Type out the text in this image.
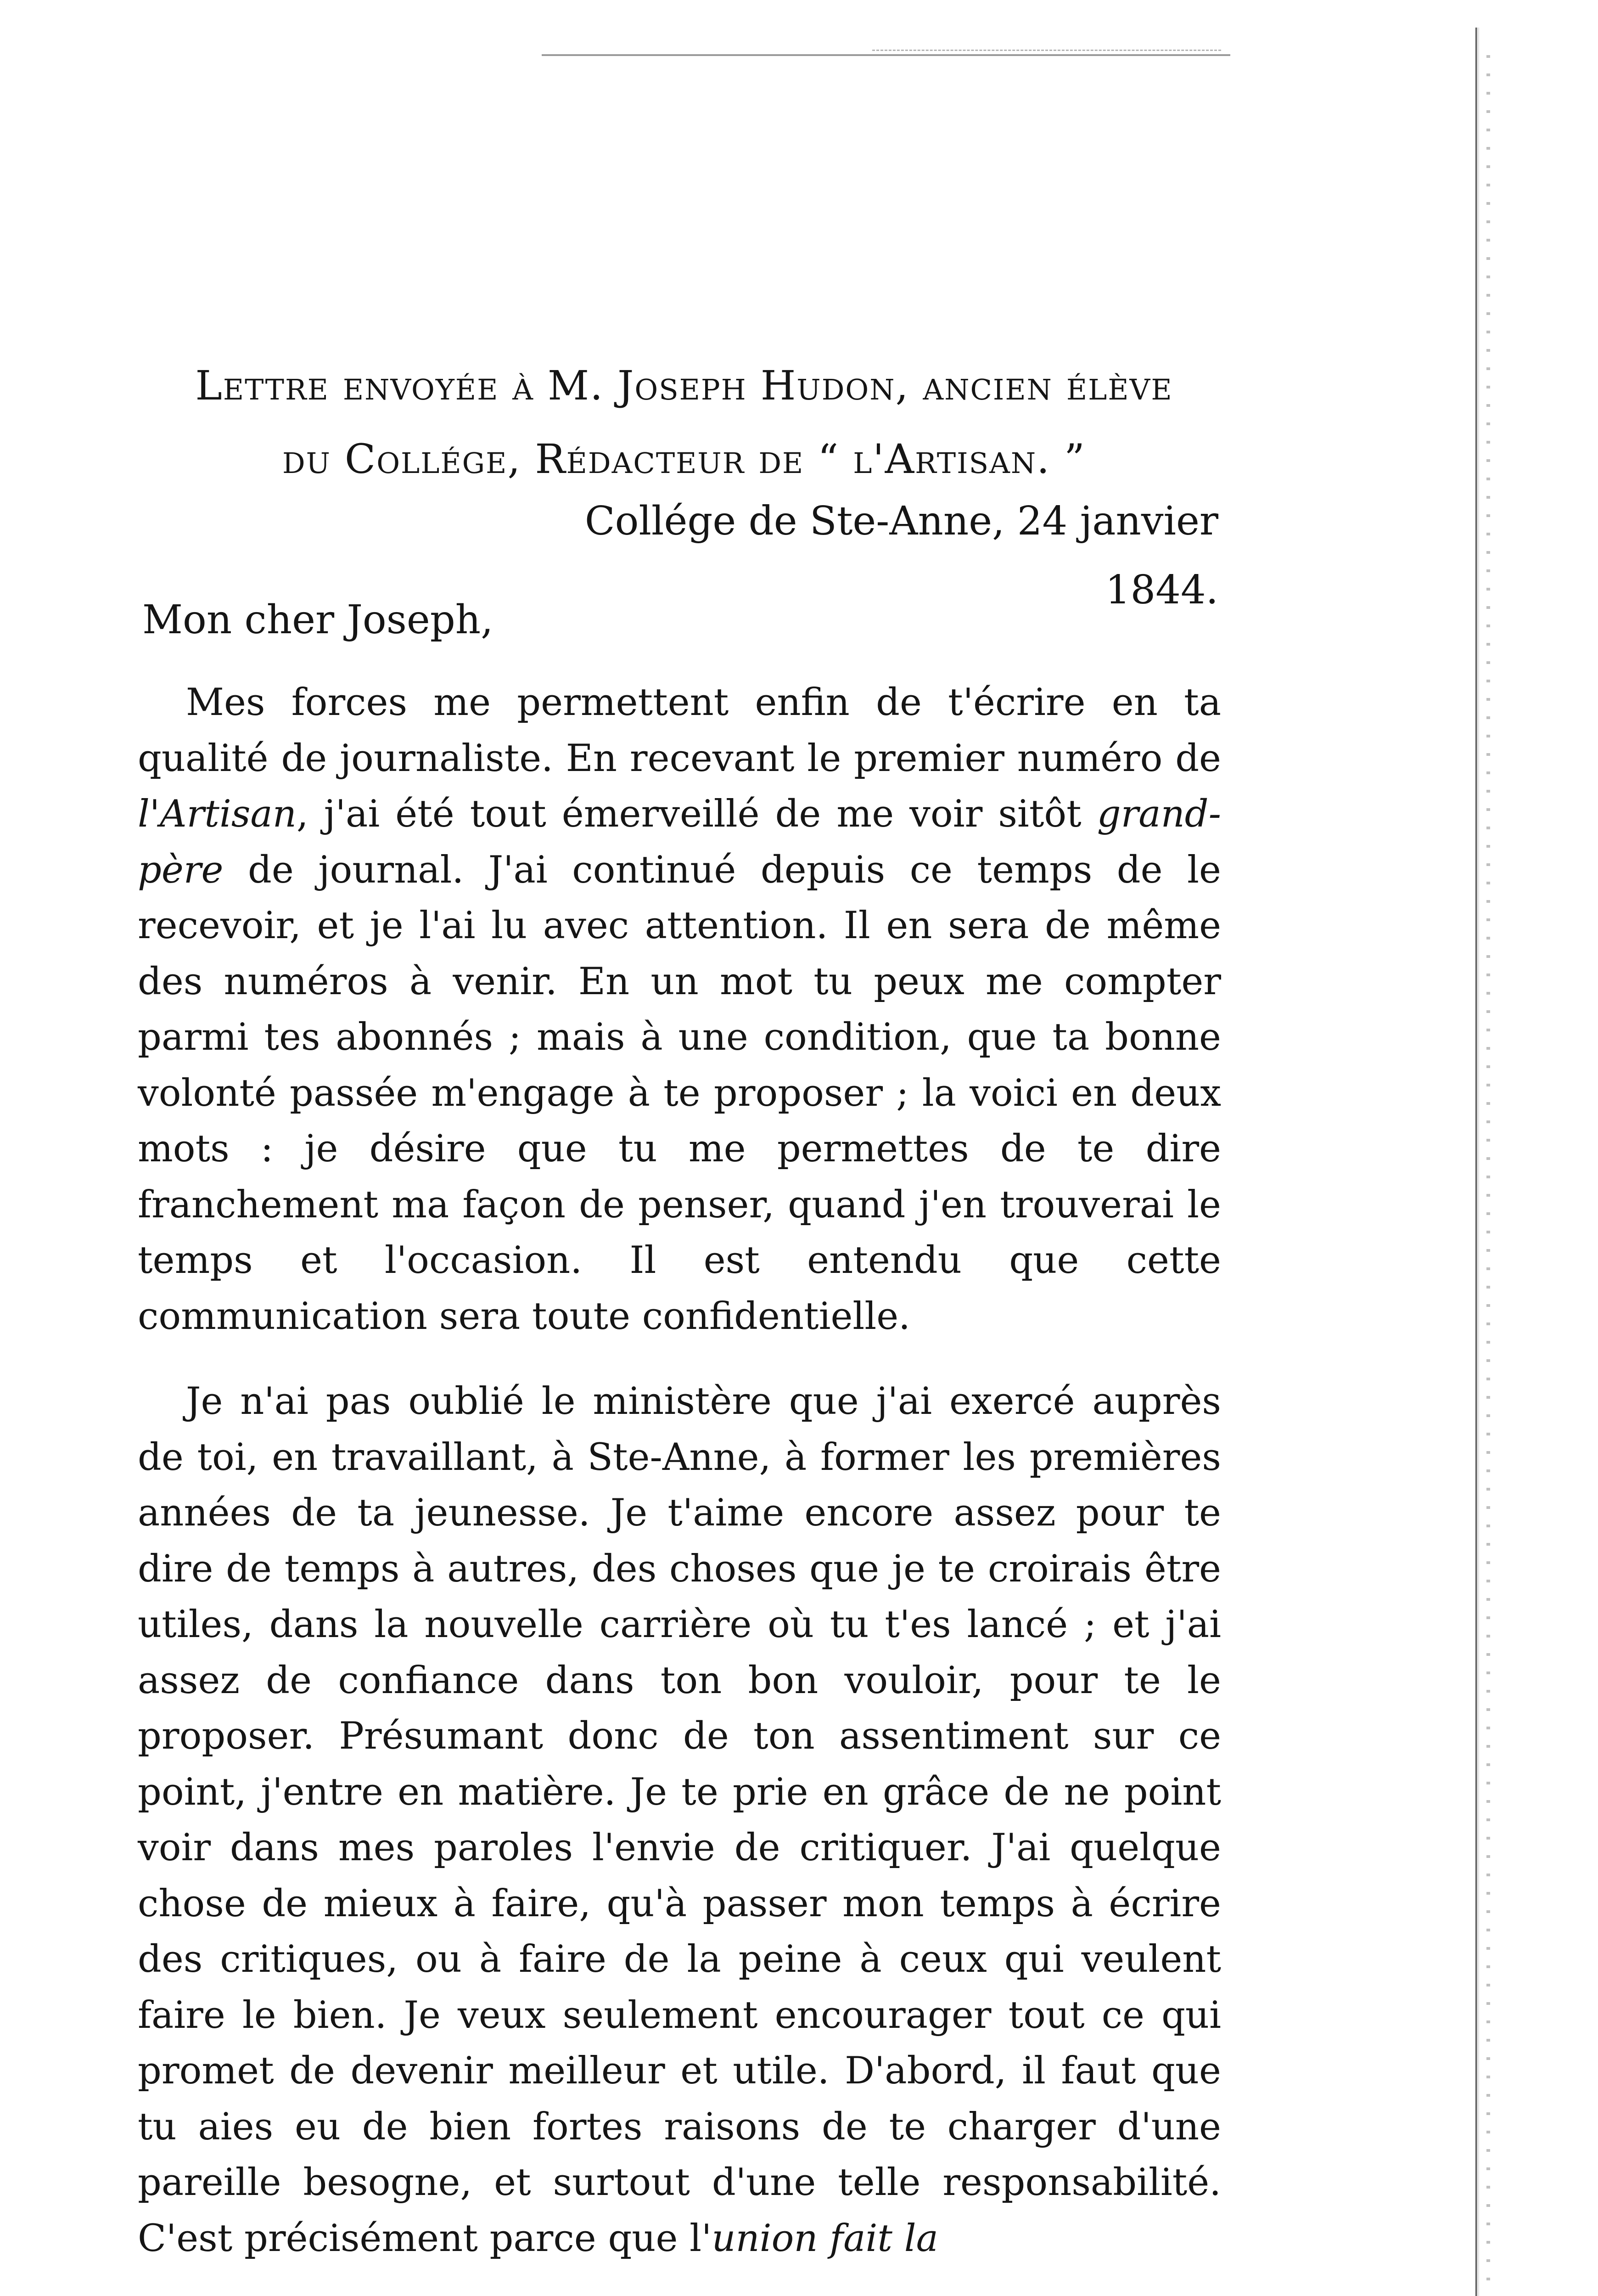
Lettre envoyée à M. Joseph Hudon, ancien élève
du Collége, Rédacteur de “ l'Artisan. ”

Collége de Ste-Anne, 24 janvier 1844.

Mon cher Joseph,

Mes forces me permettent enfin de t'écrire en ta qualité de journaliste. En recevant le premier numéro de l'Artisan, j'ai été tout émerveillé de me voir sitôt grand-père de journal. J'ai continué depuis ce temps de le recevoir, et je l'ai lu avec attention. Il en sera de même des numéros à venir. En un mot tu peux me compter parmi tes abonnés ; mais à une condition, que ta bonne volonté passée m'engage à te proposer ; la voici en deux mots : je désire que tu me permettes de te dire franchement ma façon de penser, quand j'en trouverai le temps et l'occasion. Il est entendu que cette communication sera toute confidentielle.

Je n'ai pas oublié le ministère que j'ai exercé auprès de toi, en travaillant, à Ste-Anne, à former les premières années de ta jeunesse. Je t'aime encore assez pour te dire de temps à autres, des choses que je te croirais être utiles, dans la nouvelle carrière où tu t'es lancé ; et j'ai assez de confiance dans ton bon vouloir, pour te le proposer. Présumant donc de ton assentiment sur ce point, j'entre en matière. Je te prie en grâce de ne point voir dans mes paroles l'envie de critiquer. J'ai quelque chose de mieux à faire, qu'à passer mon temps à écrire des critiques, ou à faire de la peine à ceux qui veulent faire le bien. Je veux seulement encourager tout ce qui promet de devenir meilleur et utile. D'abord, il faut que tu aies eu de bien fortes raisons de te charger d'une pareille besogne, et surtout d'une telle responsabilité. C'est précisément parce que l'union fait la
